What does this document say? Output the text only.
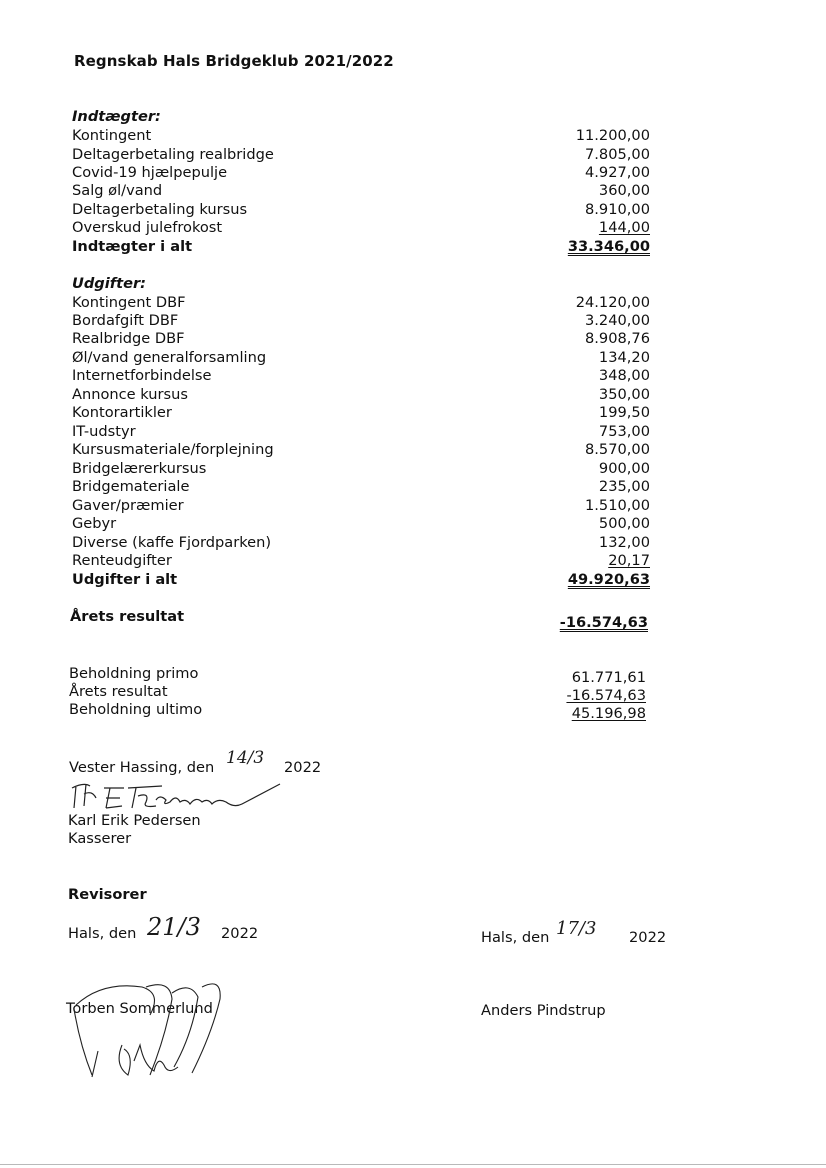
Regnskab Hals Bridgeklub 2021/2022
Indtægter:
Kontingent	11.200,00
Deltagerbetaling realbridge	7.805,00
Covid-19 hjælpepulje	4.927,00
Salg øl/vand	360,00
Deltagerbetaling kursus	8.910,00
Overskud julefrokost	144,00
Indtægter i alt	33.346,00
Udgifter:
Kontingent DBF	24.120,00
Bordafgift DBF	3.240,00
Realbridge DBF	8.908,76
Øl/vand generalforsamling	134,20
Internetforbindelse	348,00
Annonce kursus	350,00
Kontorartikler	199,50
IT-udstyr	753,00
Kursusmateriale/forplejning	8.570,00
Bridgelærerkursus	900,00
Bridgemateriale	235,00
Gaver/præmier	1.510,00
Gebyr	500,00
Diverse (kaffe Fjordparken)	132,00
Renteudgifter	20,17
Udgifter i alt	49.920,63
Årets resultat	-16.574,63
Beholdning primo	61.771,61
Årets resultat	-16.574,63
Beholdning ultimo	45.196,98
Vester Hassing, den 14/3 2022
Karl Erik Pedersen
Kasserer
Revisorer
Hals, den 21/3 2022	Hals, den 17/3 2022
Torben Sommerlund	Anders Pindstrup
